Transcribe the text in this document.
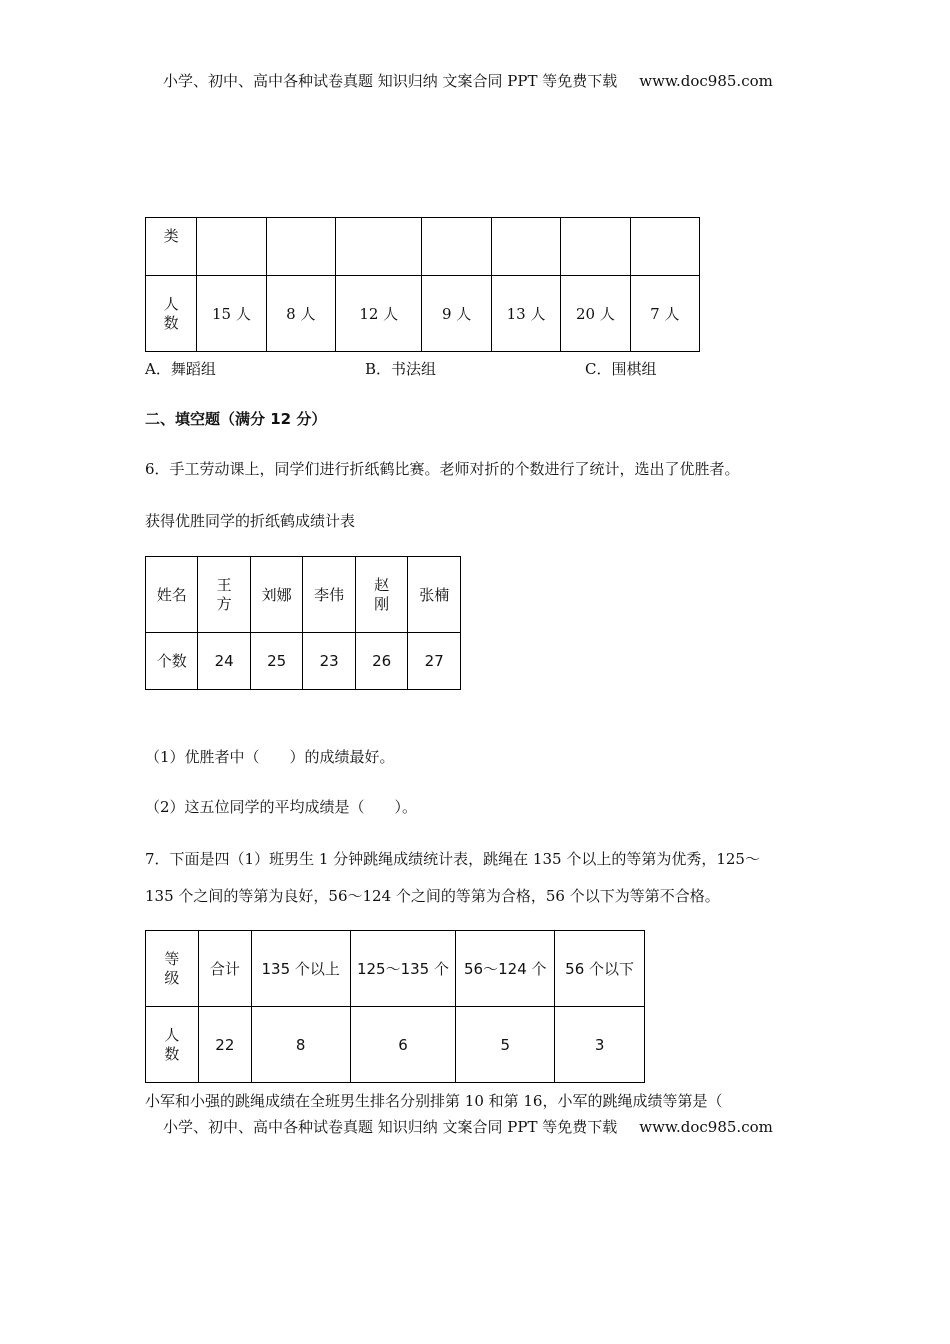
小学、初中、高中各种试卷真题 知识归纳 文案合同 PPT 等免费下载 www.doc985.com
类							
人数	15 人	8 人	12 人	9 人	13 人	20 人	7 人
A．舞蹈组	B．书法组	C．围棋组
二、填空题（满分 12 分）
6．手工劳动课上，同学们进行折纸鹤比赛。老师对折的个数进行了统计，选出了优胜者。
获得优胜同学的折纸鹤成绩计表
姓名	王方	刘娜	李伟	赵刚	张楠
个数	24	25	23	26	27
（1）优胜者中（　　）的成绩最好。
（2）这五位同学的平均成绩是（　　）。
7．下面是四（1）班男生 1 分钟跳绳成绩统计表，跳绳在 135 个以上的等第为优秀，125～
135 个之间的等第为良好，56～124 个之间的等第为合格，56 个以下为等第不合格。
等级	合计	135 个以上	125～135 个	56～124 个	56 个以下
人数	22	8	6	5	3
小军和小强的跳绳成绩在全班男生排名分别排第 10 和第 16，小军的跳绳成绩等第是（
小学、初中、高中各种试卷真题 知识归纳 文案合同 PPT 等免费下载 www.doc985.com
